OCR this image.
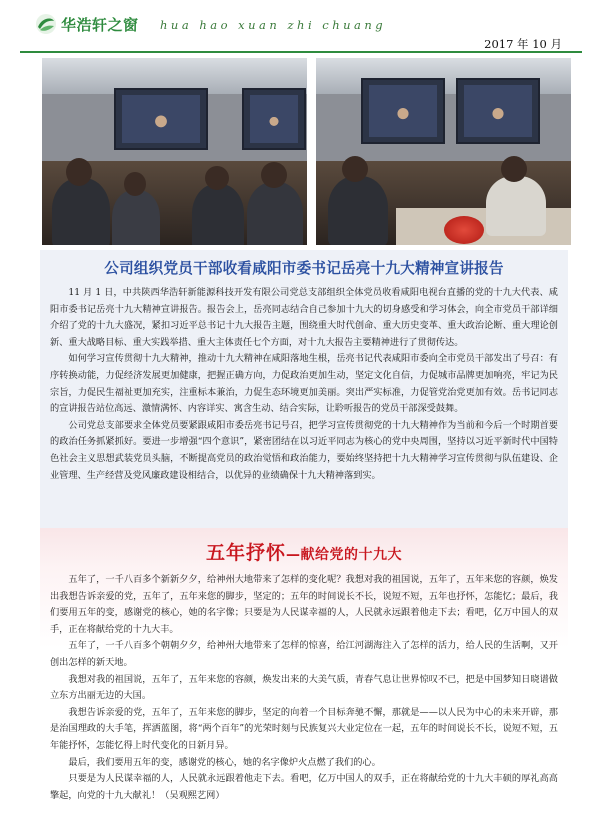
华浩轩之窗 hua hao xuan zhi chuang
2017 年 10 月
公司组织党员干部收看咸阳市委书记岳亮十九大精神宣讲报告

11 月 1 日，中共陕西华浩轩新能源科技开发有限公司党总支部组织全体党员收看咸阳电视台直播的党的十九大代表、咸阳市委书记岳亮十九大精神宣讲报告。报告会上，岳亮同志结合自己参加十九大的切身感受和学习体会，向全市党员干部详细介绍了党的十九大盛况，紧扣习近平总书记十九大报告主题，围绕重大时代创命、重大历史变革、重大政治论断、重大理论创新、重大战略目标、重大实践举措、重大主体责任七个方面，对十九大报告主要精神进行了贯彻传达。

如何学习宣传贯彻十九大精神，推动十九大精神在咸阳落地生根，岳亮书记代表咸阳市委向全市党员干部发出了号召：有序转换动能，力促经济发展更加健康，把握正确方向，力促政治更加生动，坚定文化自信，力促城市品牌更加响亮，牢记为民宗旨，力促民生福祉更加充实，注重标本兼治，力促生态环境更加美丽。突出严实标准，力促管党治党更加有效。岳书记同志的宣讲报告站位高远、激情满怀、内容详实、寓含生动、结合实际，让聆听报告的党员干部深受鼓舞。

公司党总支部要求全体党员要紧跟咸阳市委岳亮书记号召，把学习宣传贯彻党的十九大精神作为当前和今后一个时期首要的政治任务抓紧抓好。要进一步增强“四个意识”，紧密团结在以习近平同志为核心的党中央周围，坚持以习近平新时代中国特色社会主义思想武装党员头脑，不断提高党员的政治觉悟和政治能力，要始终坚持把十九大精神学习宣传贯彻与队伍建设、企业管理、生产经营及党风廉政建设相结合，以优异的业绩确保十九大精神落到实。

五年抒怀—献给党的十九大

五年了，一千八百多个新新夕夕，给神州大地带来了怎样的变化呢？我想对我的祖国说，五年了，五年来您的容颜，焕发出我想告诉亲爱的党，五年了，五年来您的脚步，坚定的；五年的时间说长不长，说短不短，五年也抒怀，怎能忆；最后，我们要用五年的变，感谢党的核心，她的名字像；只要是为人民谋幸福的人，人民就永远跟着他走下去；看吧，亿万中国人的双手，正在将献给党的十九大丰。

五年了，一千八百多个朝朝夕夕，给神州大地带来了怎样的惊喜，给江河湖海注入了怎样的活力，给人民的生活啊，又开创出怎样的新天地。

我想对我的祖国说，五年了，五年来您的容颜，焕发出来的大美气质，青春气息让世界惊叹不已，把是中国梦知日晓谱做立东方出丽无边的大国。

我想告诉亲爱的党，五年了，五年来您的脚步，坚定的向着一个目标奔驰不懈，那就是——以人民为中心的未来开辟，那是治国理政的大手笔，挥洒蓝图，将“两个百年”的光荣时刻与民族复兴大业定位在一起，五年的时间说长不长，说短不短，五年能抒怀，怎能忆得上时代变化的日新月异。

最后，我们要用五年的变，感谢党的核心，她的名字像炉火点燃了我们的心。

只要是为人民谋幸福的人，人民就永远跟着他走下去。看吧，亿万中国人的双手，正在将献给党的十九大丰硕的厚礼高高擎起，向党的十九大献礼！（吴观熙艺网）
